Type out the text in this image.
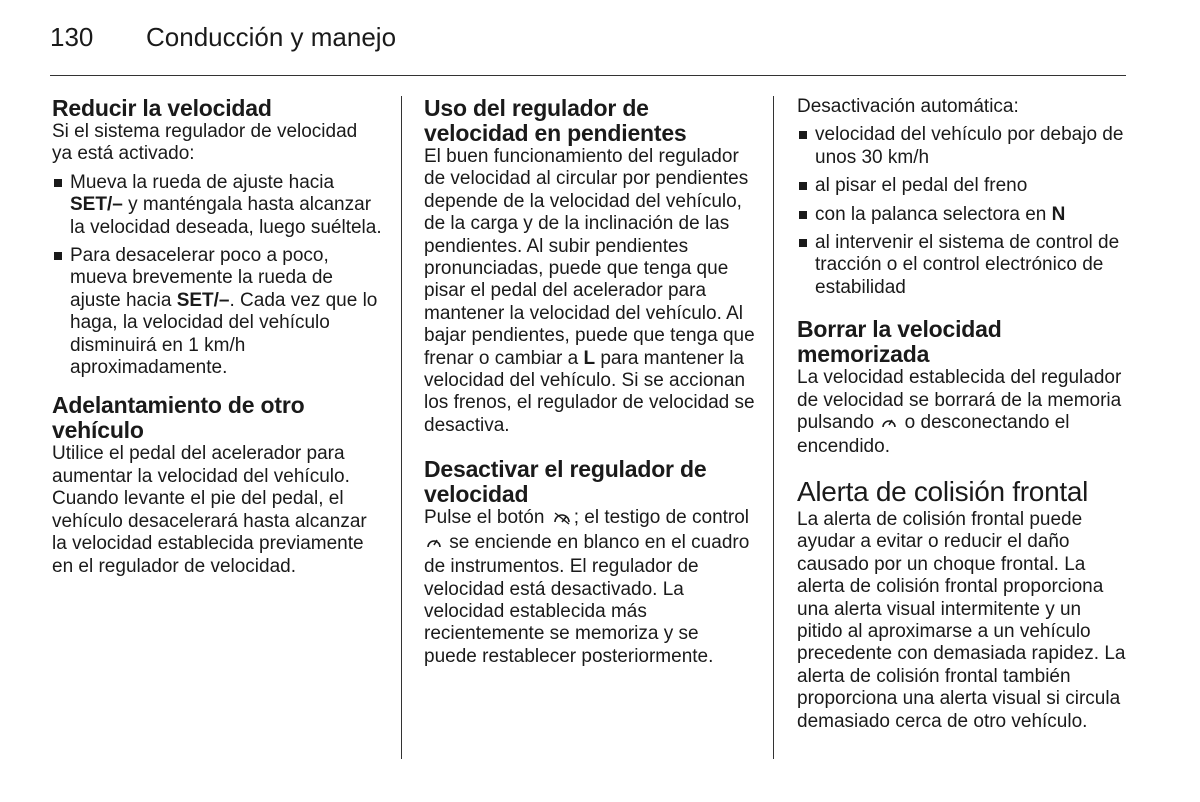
130	Conducción y manejo
Reducir la velocidad

Si el sistema regulador de velocidad ya está activado:

Mueva la rueda de ajuste hacia SET/– y manténgala hasta alcanzar la velocidad deseada, luego suéltela.
Para desacelerar poco a poco, mueva brevemente la rueda de ajuste hacia SET/–. Cada vez que lo haga, la velocidad del vehículo disminuirá en 1 km/h aproximadamente.
Adelantamiento de otro vehículo

Utilice el pedal del acelerador para aumentar la velocidad del vehículo. Cuando levante el pie del pedal, el vehículo desacelerará hasta alcanzar la velocidad establecida previamente en el regulador de velocidad.

Uso del regulador de velocidad en pendientes

El buen funcionamiento del regulador de velocidad al circular por pendientes depende de la velocidad del vehículo, de la carga y de la inclinación de las pendientes. Al subir pendientes pronunciadas, puede que tenga que pisar el pedal del acelerador para mantener la velocidad del vehículo. Al bajar pendientes, puede que tenga que frenar o cambiar a L para mantener la velocidad del vehículo. Si se accionan los frenos, el regulador de velocidad se desactiva.

Desactivar el regulador de velocidad

Pulse el botón ; el testigo de control  se enciende en blanco en el cuadro de instrumentos. El regulador de velocidad está desactivado. La velocidad establecida más recientemente se memoriza y se puede restablecer posteriormente.

Desactivación automática:

velocidad del vehículo por debajo de unos 30 km/h
al pisar el pedal del freno
con la palanca selectora en N
al intervenir el sistema de control de tracción o el control electrónico de estabilidad
Borrar la velocidad memorizada

La velocidad establecida del regulador de velocidad se borrará de la memoria pulsando  o desconectando el encendido.

Alerta de colisión frontal

La alerta de colisión frontal puede ayudar a evitar o reducir el daño causado por un choque frontal. La alerta de colisión frontal proporciona una alerta visual intermitente y un pitido al aproximarse a un vehículo precedente con demasiada rapidez. La alerta de colisión frontal también proporciona una alerta visual si circula demasiado cerca de otro vehículo.
